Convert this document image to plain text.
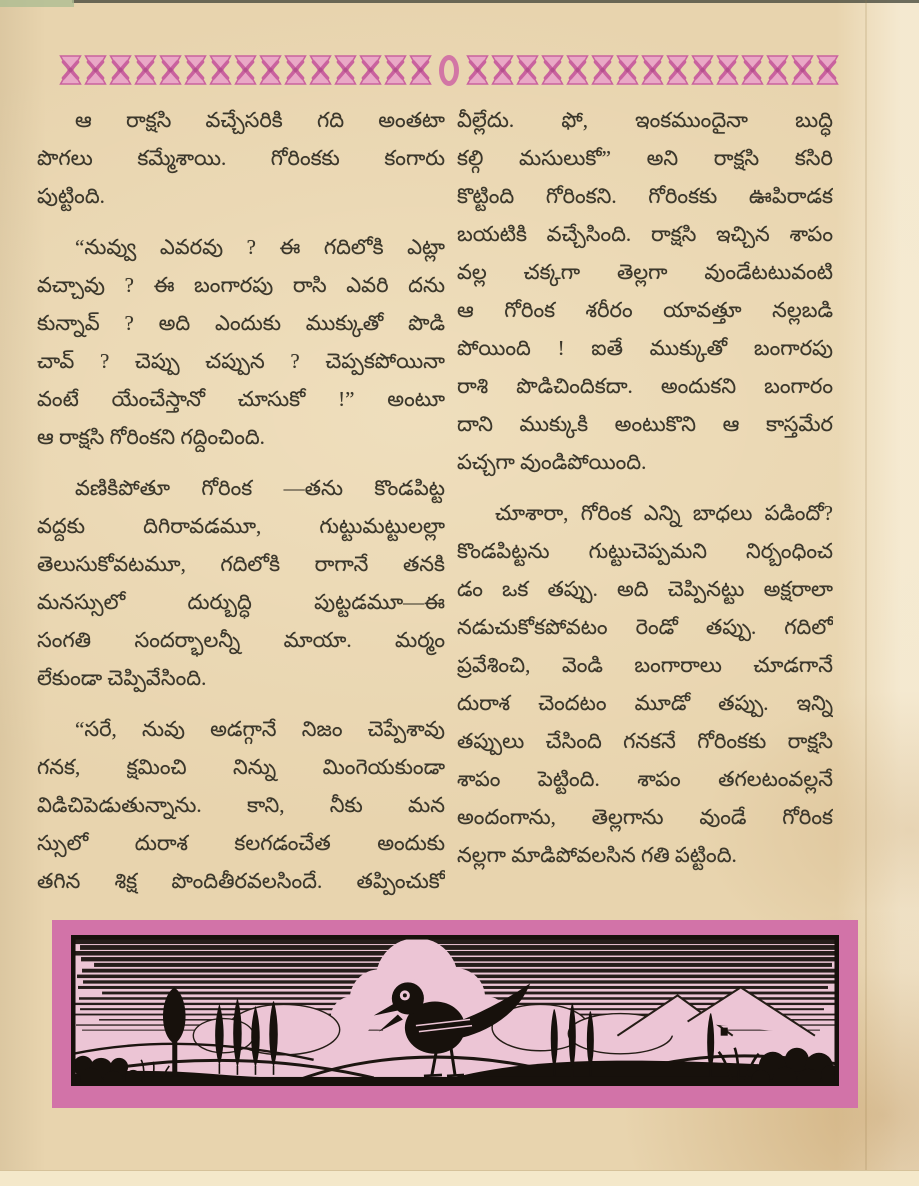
ఆ రాక్షసి వచ్చేసరికి గది అంతటా
పొగలు కమ్మేశాయి. గోరింకకు కంగారు
పుట్టింది.
“నువ్వు ఎవరవు ? ఈ గదిలోకి ఎట్లా
వచ్చావు ? ఈ బంగారపు రాసి ఎవరి దను
కున్నావ్ ? అది ఎందుకు ముక్కుతో పొడి
చావ్ ? చెప్పు చప్పున ? చెప్పకపోయినా
వంటే యేంచేస్తానో చూసుకో !” అంటూ
ఆ రాక్షసి గోరింకని గద్దించింది.
వణికిపోతూ గోరింక —తను కొండపిట్ట
వద్దకు దిగిరావడమూ, గుట్టుమట్టులల్లా
తెలుసుకోవటమూ, గదిలోకి రాగానే తనకి
మనస్సులో దుర్బుద్ధి పుట్టడమూ—ఈ
సంగతి సందర్భాలన్నీ మాయా. మర్మం
లేకుండా చెప్పివేసింది.
“సరే, నువు అడగ్గానే నిజం చెప్పేశావు
గనక, క్షమించి నిన్ను మింగెయకుండా
విడిచిపెడుతున్నాను. కాని, నీకు మన
స్సులో దురాశ కలగడంచేత అందుకు
తగిన శిక్ష పొందితీరవలసిందే. తప్పించుకో
వీల్లేదు. ఫో, ఇంకముందైనా బుద్ధి
కల్గి మసులుకో” అని రాక్షసి కసిరి
కొట్టింది గోరింకని. గోరింకకు ఊపిరాడక
బయటికి వచ్చేసింది. రాక్షసి ఇచ్చిన శాపం
వల్ల చక్కగా తెల్లగా వుండేటటువంటి
ఆ గోరింక శరీరం యావత్తూ నల్లబడి
పోయింది ! ఐతే ముక్కుతో బంగారపు
రాశి పొడిచిందికదా. అందుకని బంగారం
దాని ముక్కుకి అంటుకొని ఆ కాస్తమేర
పచ్చగా వుండిపోయింది.
చూశారా, గోరింక ఎన్ని బాధలు పడిందో?
కొండపిట్టను గుట్టుచెప్పమని నిర్బంధించ
డం ఒక తప్పు. అది చెప్పినట్టు అక్షరాలా
నడుచుకోకపోవటం రెండో తప్పు. గదిలో
ప్రవేశించి, వెండి బంగారాలు చూడగానే
దురాశ చెందటం మూడో తప్పు. ఇన్ని
తప్పులు చేసింది గనకనే గోరింకకు రాక్షసి
శాపం పెట్టింది. శాపం తగలటంవల్లనే
అందంగాను, తెల్లగాను వుండే గోరింక
నల్లగా మాడిపోవలసిన గతి పట్టింది.
